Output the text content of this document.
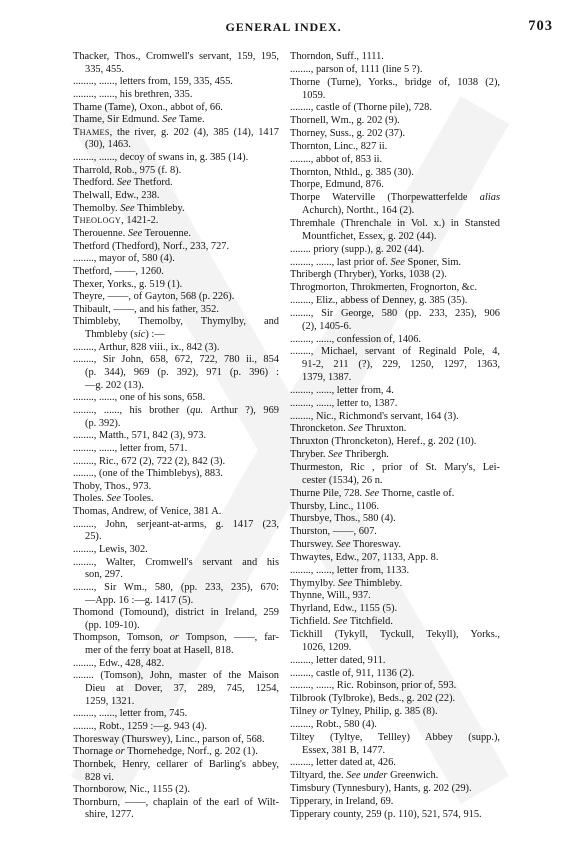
GENERAL INDEX.	703
Thacker, Thos., Cromwell's servant, 159, 195,
335, 455.
........, ......, letters from, 159, 335, 455.
........, ......, his brethren, 335.
Thame (Tame), Oxon., abbot of, 66.
Thame, Sir Edmund. See Tame.
THAMES, the river, g. 202 (4), 385 (14), 1417
(30), 1463.
........, ......, decoy of swans in, g. 385 (14).
Tharrold, Rob., 975 (f. 8).
Thedford. See Thetford.
Thelwall, Edw., 238.
Themolby. See Thimbleby.
THEOLOGY, 1421-2.
Therouenne. See Terouenne.
Thetford (Thedford), Norf., 233, 727.
........, mayor of, 580 (4).
Thetford, ——, 1260.
Thexer, Yorks., g. 519 (1).
Theyre, ——, of Gayton, 568 (p. 226).
Thibault, ——, and his father, 352.
Thimbleby, Themolby, Thymylby, and
Thmbleby (sic) :—
........, Arthur, 828 viii., ix., 842 (3).
........, Sir John, 658, 672, 722, 780 ii., 854
(p. 344), 969 (p. 392), 971 (p. 396) :
—g. 202 (13).
........, ......, one of his sons, 658.
........, ......, his brother (qu. Arthur ?), 969
(p. 392).
........, Matth., 571, 842 (3), 973.
........, ......, letter from, 571.
........, Ric., 672 (2), 722 (2), 842 (3).
........, (one of the Thimblebys), 883.
Thoby, Thos., 973.
Tholes. See Tooles.
Thomas, Andrew, of Venice, 381 A.
........, John, serjeant-at-arms, g. 1417 (23,
25).
........, Lewis, 302.
........, Walter, Cromwell's servant and his
son, 297.
........, Sir Wm., 580, (pp. 233, 235), 670:
—App. 16 :—g. 1417 (5).
Thomond (Tomound), district in Ireland, 259
(pp. 109-10).
Thompson, Tomson, or Tompson, ——, far-
mer of the ferry boat at Hasell, 818.
........, Edw., 428, 482.
........ (Tomson), John, master of the Maison
Dieu at Dover, 37, 289, 745, 1254,
1259, 1321.
........, ......, letter from, 745.
........, Robt., 1259 :—g. 943 (4).
Thoresway (Thurswey), Linc., parson of, 568.
Thornage or Thornehedge, Norf., g. 202 (1).
Thornbek, Henry, cellarer of Barling's abbey,
828 vi.
Thornborow, Nic., 1155 (2).
Thornburn, ——, chaplain of the earl of Wilt-
shire, 1277.
Thorndon, Suff., 1111.
........, parson of, 1111 (line 5 ?).
Thorne (Turne), Yorks., bridge of, 1038 (2),
1059.
........, castle of (Thorne pile), 728.
Thornell, Wm., g. 202 (9).
Thorney, Suss., g. 202 (37).
Thornton, Linc., 827 ii.
........, abbot of, 853 ii.
Thornton, Nthld., g. 385 (30).
Thorpe, Edmund, 876.
Thorpe Waterville (Thorpewatterfelde alias
Achurch), Northt., 164 (2).
Thremhale (Threnchale in Vol. x.) in Stansted
Mountfichet, Essex, g. 202 (44).
........ priory (supp.), g. 202 (44).
........, ......, last prior of. See Sponer, Sim.
Thribergh (Thryber), Yorks, 1038 (2).
Throgmorton, Throkmerten, Frognorton, &c.
........, Eliz., abbess of Denney, g. 385 (35).
........, Sir George, 580 (pp. 233, 235), 906
(2), 1405-6.
........, ......, confession of, 1406.
........, Michael, servant of Reginald Pole, 4,
91-2, 211 (?), 229, 1250, 1297, 1363,
1379, 1387.
........, ......, letter from, 4.
........, ......, letter to, 1387.
........, Nic., Richmond's servant, 164 (3).
Throncketon. See Thruxton.
Thruxton (Throncketon), Heref., g. 202 (10).
Thryber. See Thribergh.
Thurmeston, Ric , prior of St. Mary's, Lei-
cester (1534), 26 n.
Thurne Pile, 728. See Thorne, castle of.
Thursby, Linc., 1106.
Thursbye, Thos., 580 (4).
Thurston, ——, 607.
Thurswey. See Thoresway.
Thwaytes, Edw., 207, 1133, App. 8.
........, ......, letter from, 1133.
Thymylby. See Thimbleby.
Thynne, Will., 937.
Thyrland, Edw., 1155 (5).
Tichfield. See Titchfield.
Tickhill (Tykyll, Tyckull, Tekyll), Yorks.,
1026, 1209.
........, letter dated, 911.
........, castle of, 911, 1136 (2).
........, ......, Ric. Robinson, prior of, 593.
Tilbrook (Tylbroke), Beds., g. 202 (22).
Tilney or Tylney, Philip, g. 385 (8).
........, Robt., 580 (4).
Tiltey (Tyltye, Tellley) Abbey (supp.),
Essex, 381 B, 1477.
........, letter dated at, 426.
Tiltyard, the. See under Greenwich.
Timsbury (Tynnesbury), Hants, g. 202 (29).
Tipperary, in Ireland, 69.
Tipperary county, 259 (p. 110), 521, 574, 915.
